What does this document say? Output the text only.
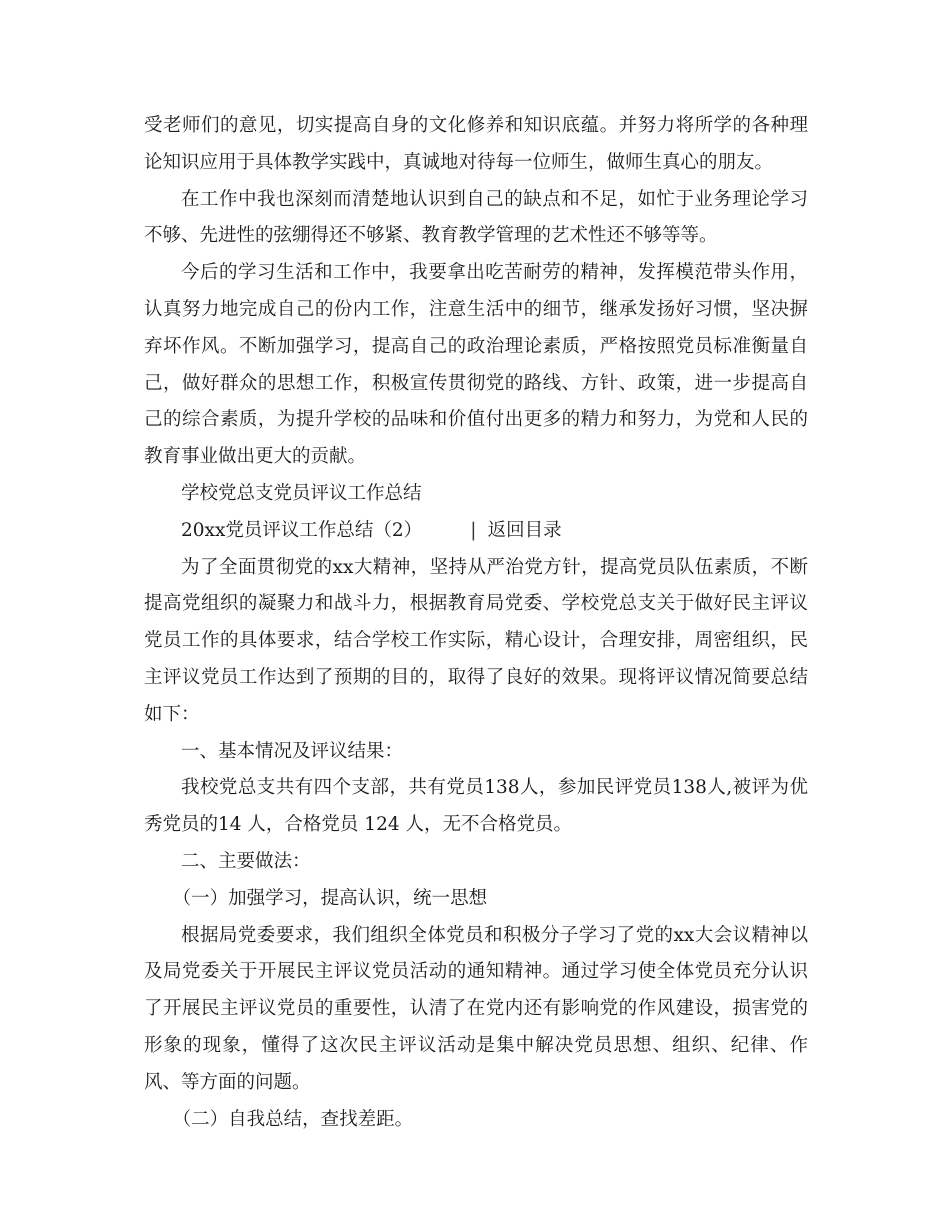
受老师们的意见，切实提高自身的文化修养和知识底蕴。并努力将所学的各种理论知识应用于具体教学实践中，真诚地对待每一位师生，做师生真心的朋友。

在工作中我也深刻而清楚地认识到自己的缺点和不足，如忙于业务理论学习不够、先进性的弦绷得还不够紧、教育教学管理的艺术性还不够等等。

今后的学习生活和工作中，我要拿出吃苦耐劳的精神，发挥模范带头作用，认真努力地完成自己的份内工作，注意生活中的细节，继承发扬好习惯，坚决摒弃坏作风。不断加强学习，提高自己的政治理论素质，严格按照党员标准衡量自己，做好群众的思想工作，积极宣传贯彻党的路线、方针、政策，进一步提高自己的综合素质，为提升学校的品味和价值付出更多的精力和努力，为党和人民的教育事业做出更大的贡献。

学校党总支党员评议工作总结

20xx党员评议工作总结（2）	| 返回目录

为了全面贯彻党的xx大精神，坚持从严治党方针，提高党员队伍素质，不断提高党组织的凝聚力和战斗力，根据教育局党委、学校党总支关于做好民主评议党员工作的具体要求，结合学校工作实际，精心设计，合理安排，周密组织，民主评议党员工作达到了预期的目的，取得了良好的效果。现将评议情况简要总结如下：

一、基本情况及评议结果：

我校党总支共有四个支部，共有党员138人，参加民评党员138人,被评为优秀党员的14 人，合格党员 124 人，无不合格党员。

二、主要做法：

（一）加强学习，提高认识，统一思想

根据局党委要求，我们组织全体党员和积极分子学习了党的xx大会议精神以及局党委关于开展民主评议党员活动的通知精神。通过学习使全体党员充分认识了开展民主评议党员的重要性，认清了在党内还有影响党的作风建设，损害党的形象的现象，懂得了这次民主评议活动是集中解决党员思想、组织、纪律、作风、等方面的问题。

（二）自我总结，查找差距。
